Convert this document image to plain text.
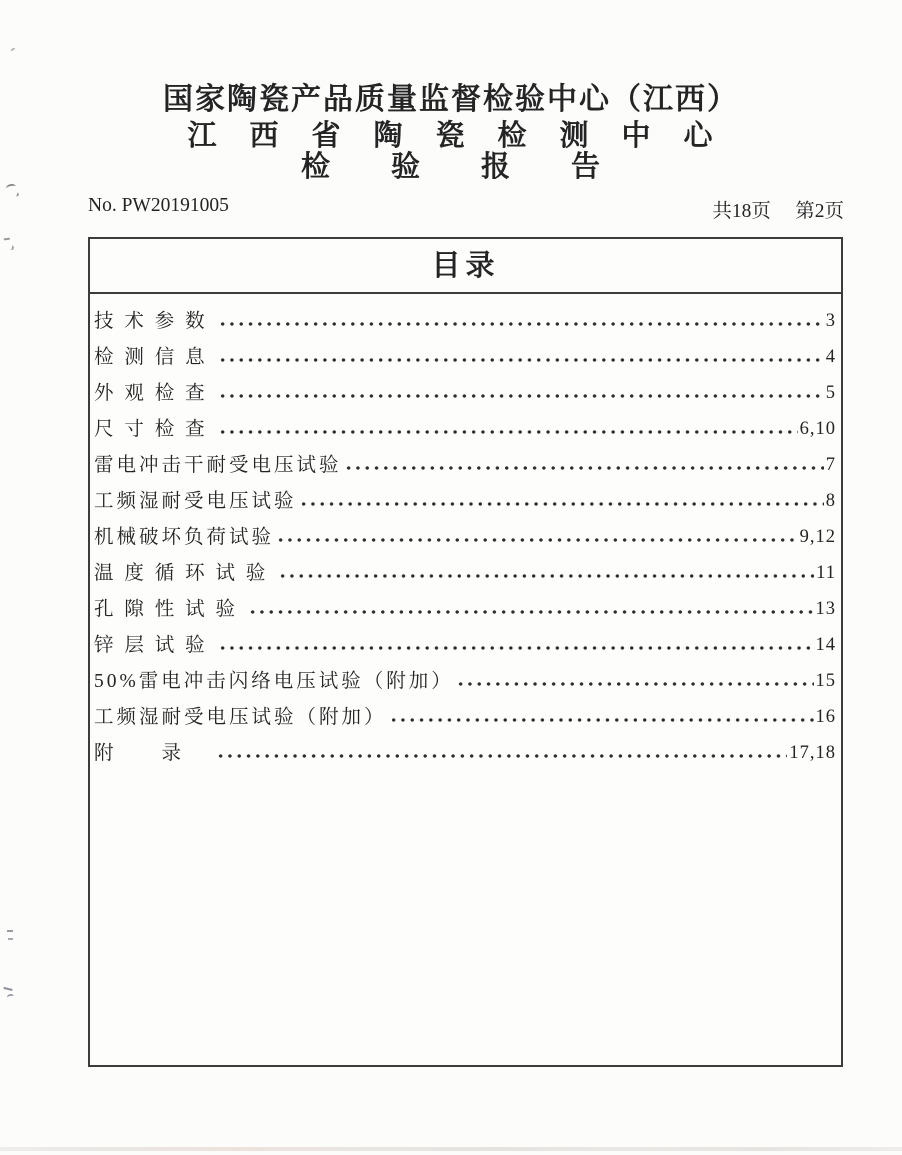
国家陶瓷产品质量监督检验中心（江西）
江　西　省　陶　瓷　检　测　中　心
检　　验　　报　　告
No. PW20191005	共18页　 第2页
目录
技 术 参 数	3
检 测 信 息	4
外 观 检 查	5
尺 寸 检 查	6,10
雷电冲击干耐受电压试验	7
工频湿耐受电压试验	8
机械破坏负荷试验	9,12
温 度 循 环 试 验	11
孔 隙 性 试 验	13
锌 层 试 验	14
50%雷电冲击闪络电压试验（附加）	15
工频湿耐受电压试验（附加）	16
附　　录　	17,18
